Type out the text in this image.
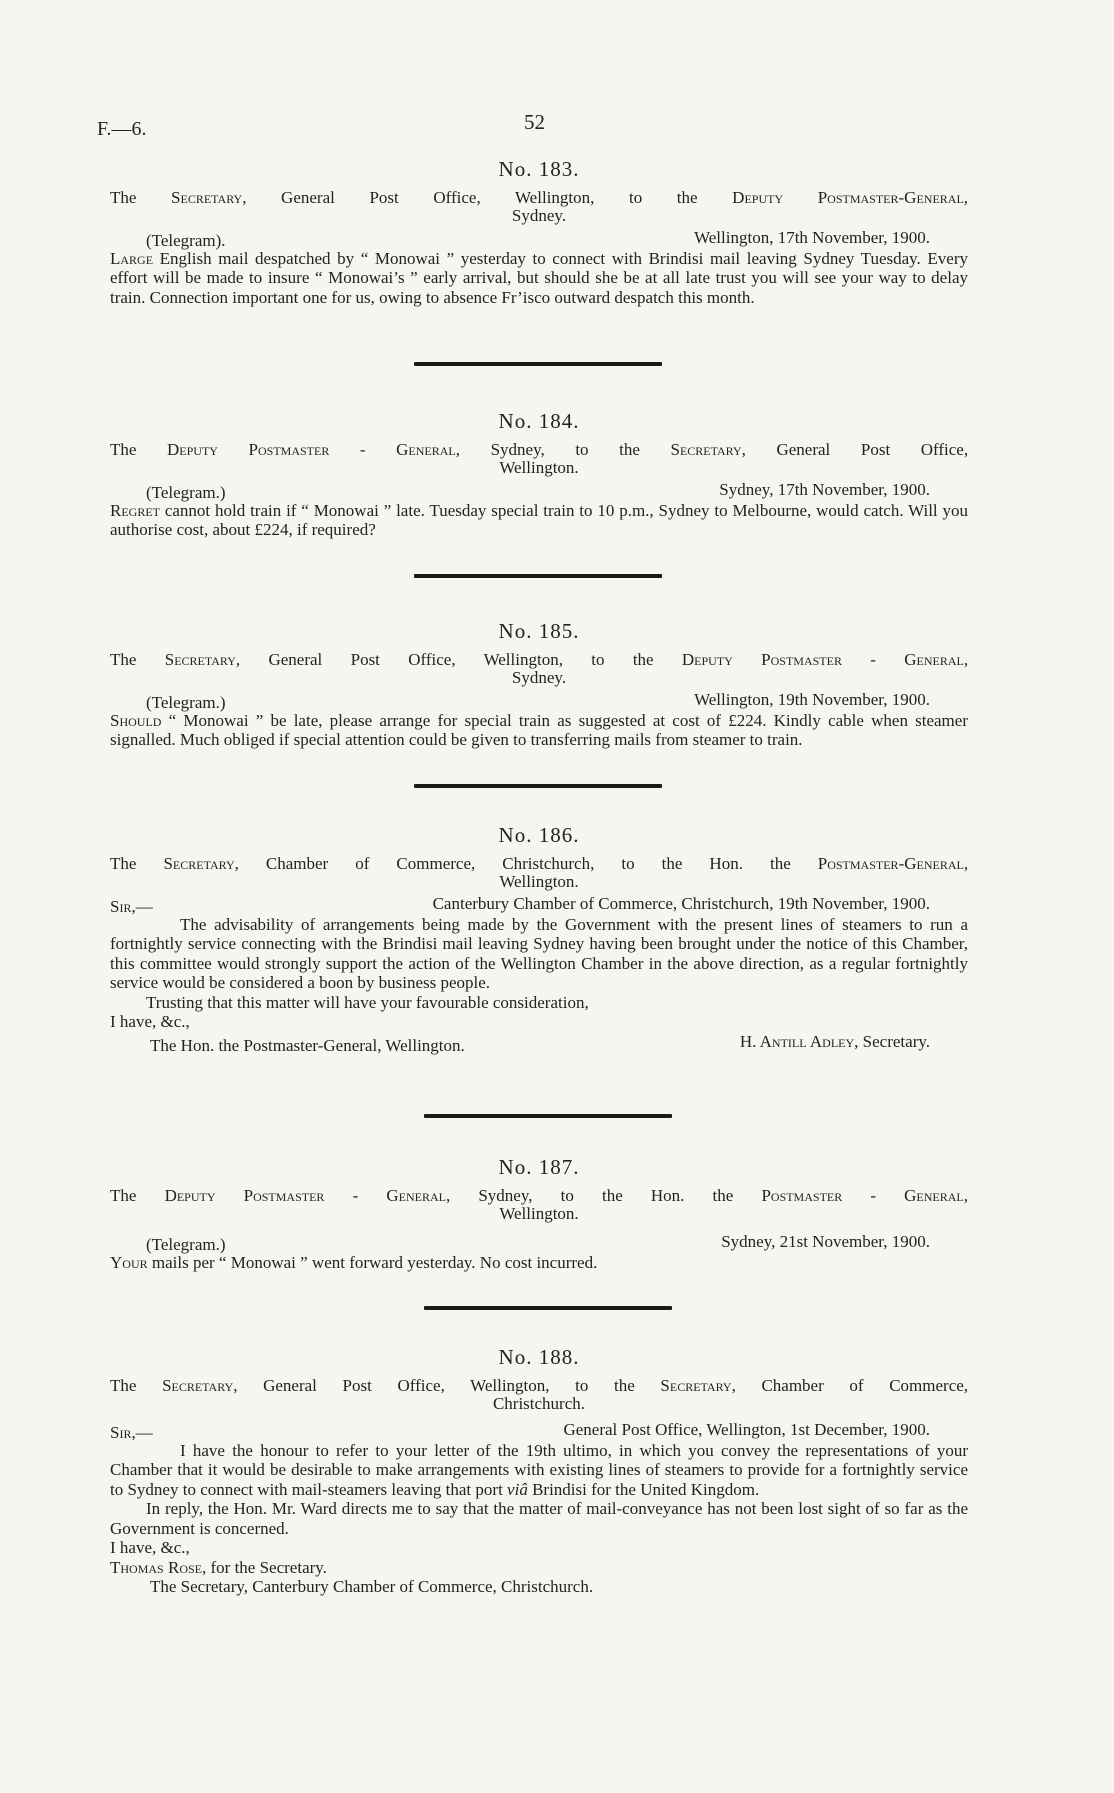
F.—6.	52
No. 183.
The Secretary, General Post Office, Wellington, to the Deputy Postmaster-General,
Sydney.
(Telegram).	Wellington, 17th November, 1900.

Large English mail despatched by “ Monowai ” yesterday to connect with Brindisi mail leaving Sydney Tuesday. Every effort will be made to insure “ Monowai’s ” early arrival, but should she be at all late trust you will see your way to delay train. Connection important one for us, owing to absence Fr’isco outward despatch this month.

No. 184.
The Deputy Postmaster - General, Sydney, to the Secretary, General Post Office,
Wellington.
(Telegram.)	Sydney, 17th November, 1900.

Regret cannot hold train if “ Monowai ” late. Tuesday special train to 10 p.m., Sydney to Melbourne, would catch. Will you authorise cost, about £224, if required?

No. 185.
The Secretary, General Post Office, Wellington, to the Deputy Postmaster - General,
Sydney.
(Telegram.)	Wellington, 19th November, 1900.

Should “ Monowai ” be late, please arrange for special train as suggested at cost of £224. Kindly cable when steamer signalled. Much obliged if special attention could be given to transferring mails from steamer to train.

No. 186.
The Secretary, Chamber of Commerce, Christchurch, to the Hon. the Postmaster-General,
Wellington.
Sir,—	Canterbury Chamber of Commerce, Christchurch, 19th November, 1900.

The advisability of arrangements being made by the Government with the present lines of steamers to run a fortnightly service connecting with the Brindisi mail leaving Sydney having been brought under the notice of this Chamber, this committee would strongly support the action of the Wellington Chamber in the above direction, as a regular fortnightly service would be considered a boon by business people.

Trusting that this matter will have your favourable consideration,

I have, &c.,

The Hon. the Postmaster-General, Wellington.	H. Antill Adley, Secretary.
No. 187.
The Deputy Postmaster - General, Sydney, to the Hon. the Postmaster - General,
Wellington.
(Telegram.)	Sydney, 21st November, 1900.

Your mails per “ Monowai ” went forward yesterday. No cost incurred.

No. 188.
The Secretary, General Post Office, Wellington, to the Secretary, Chamber of Commerce,
Christchurch.
Sir,—	General Post Office, Wellington, 1st December, 1900.

I have the honour to refer to your letter of the 19th ultimo, in which you convey the representations of your Chamber that it would be desirable to make arrangements with existing lines of steamers to provide for a fortnightly service to Sydney to connect with mail-steamers leaving that port viâ Brindisi for the United Kingdom.

In reply, the Hon. Mr. Ward directs me to say that the matter of mail-conveyance has not been lost sight of so far as the Government is concerned.

I have, &c.,

Thomas Rose, for the Secretary.

The Secretary, Canterbury Chamber of Commerce, Christchurch.
